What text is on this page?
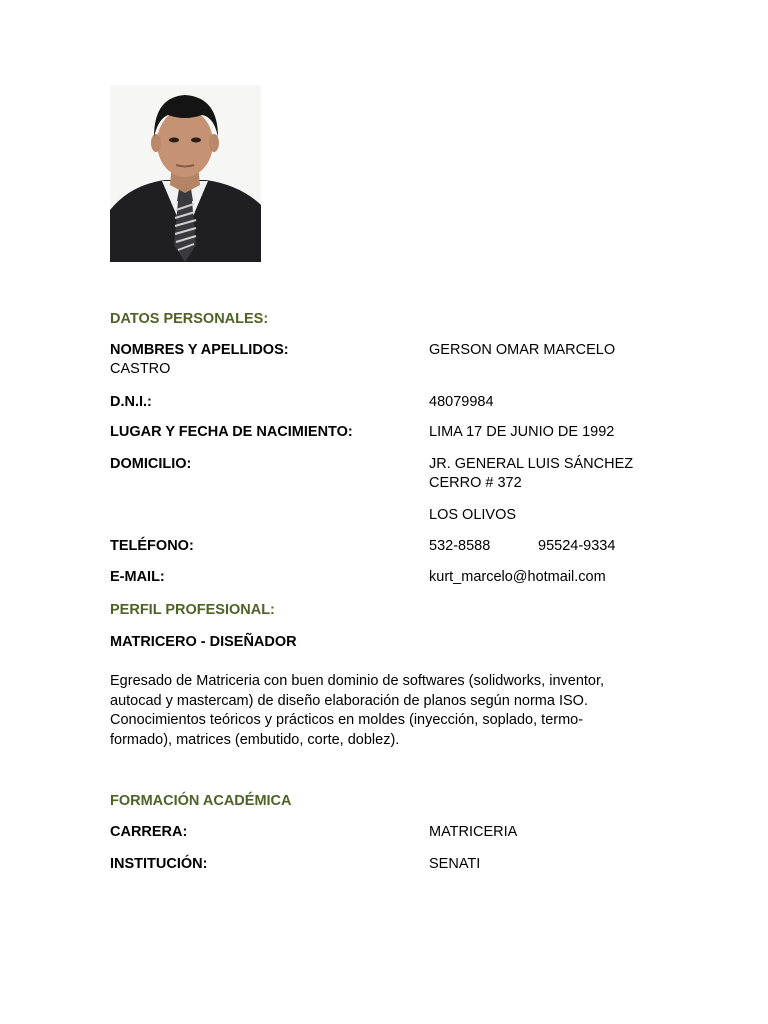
DATOS PERSONALES:
NOMBRES Y APELLIDOS:	GERSON OMAR MARCELO
CASTRO
D.N.I.:	48079984
LUGAR Y FECHA DE NACIMIENTO:	LIMA 17 DE JUNIO DE 1992
DOMICILIO:	JR. GENERAL LUIS SÁNCHEZ
CERRO # 372
LOS OLIVOS
TELÉFONO:	532-8588	95524-9334
E-MAIL:	kurt_marcelo@hotmail.com
PERFIL PROFESIONAL:
MATRICERO - DISEÑADOR
Egresado de Matriceria con buen dominio de softwares (solidworks, inventor,
autocad y mastercam) de diseño elaboración de planos según norma ISO.
Conocimientos teóricos y prácticos en moldes (inyección, soplado, termo-
formado), matrices (embutido, corte, doblez).
FORMACIÓN ACADÉMICA
CARRERA:	MATRICERIA
INSTITUCIÓN:	SENATI
